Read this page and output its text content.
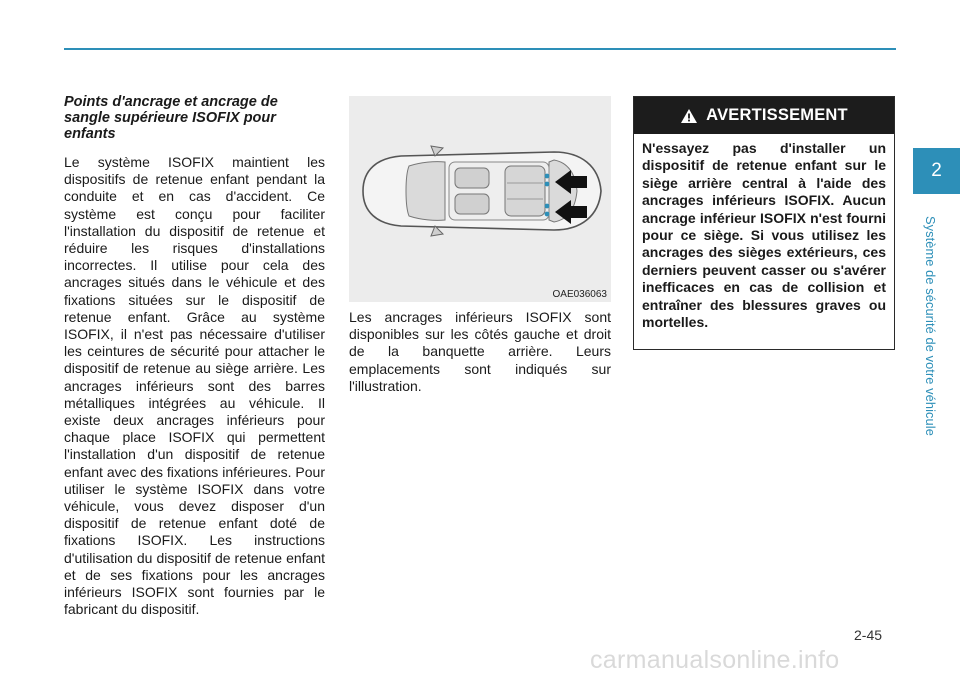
Points d'ancrage et ancrage de sangle supérieure ISOFIX pour enfants

Le système ISOFIX maintient les dispositifs de retenue enfant pendant la conduite et en cas d'accident. Ce système est conçu pour faciliter l'installation du dispositif de retenue et réduire les risques d'installations incorrectes. Il utilise pour cela des ancrages situés dans le véhicule et des fixations situées sur le dispositif de retenue enfant. Grâce au système ISOFIX, il n'est pas nécessaire d'utiliser les ceintures de sécurité pour attacher le dispositif de retenue au siège arrière. Les ancrages inférieurs sont des barres métalliques intégrées au véhicule. Il existe deux ancrages inférieurs pour chaque place ISOFIX qui permettent l'installation d'un dispositif de retenue enfant avec des fixations inférieures. Pour utiliser le système ISOFIX dans votre véhicule, vous devez disposer d'un dispositif de retenue enfant doté de fixations ISOFIX. Les instructions d'utilisation du dispositif de retenue enfant et de ses fixations pour les ancrages inférieurs ISOFIX sont fournies par le fabricant du dispositif.

OAE036063

Les ancrages inférieurs ISOFIX sont disponibles sur les côtés gauche et droit de la banquette arrière. Leurs emplacements sont indiqués sur l'illustration.

AVERTISSEMENT

N'essayez pas d'installer un dispositif de retenue enfant sur le siège arrière central à l'aide des ancrages inférieurs ISOFIX. Aucun ancrage inférieur ISOFIX n'est fourni pour ce siège. Si vous utilisez les ancrages des sièges extérieurs, ces derniers peuvent casser ou s'avérer inefficaces en cas de collision et entraîner des blessures graves ou mortelles.

2
Système de sécurité de votre véhicule
2-45
carmanualsonline.info
